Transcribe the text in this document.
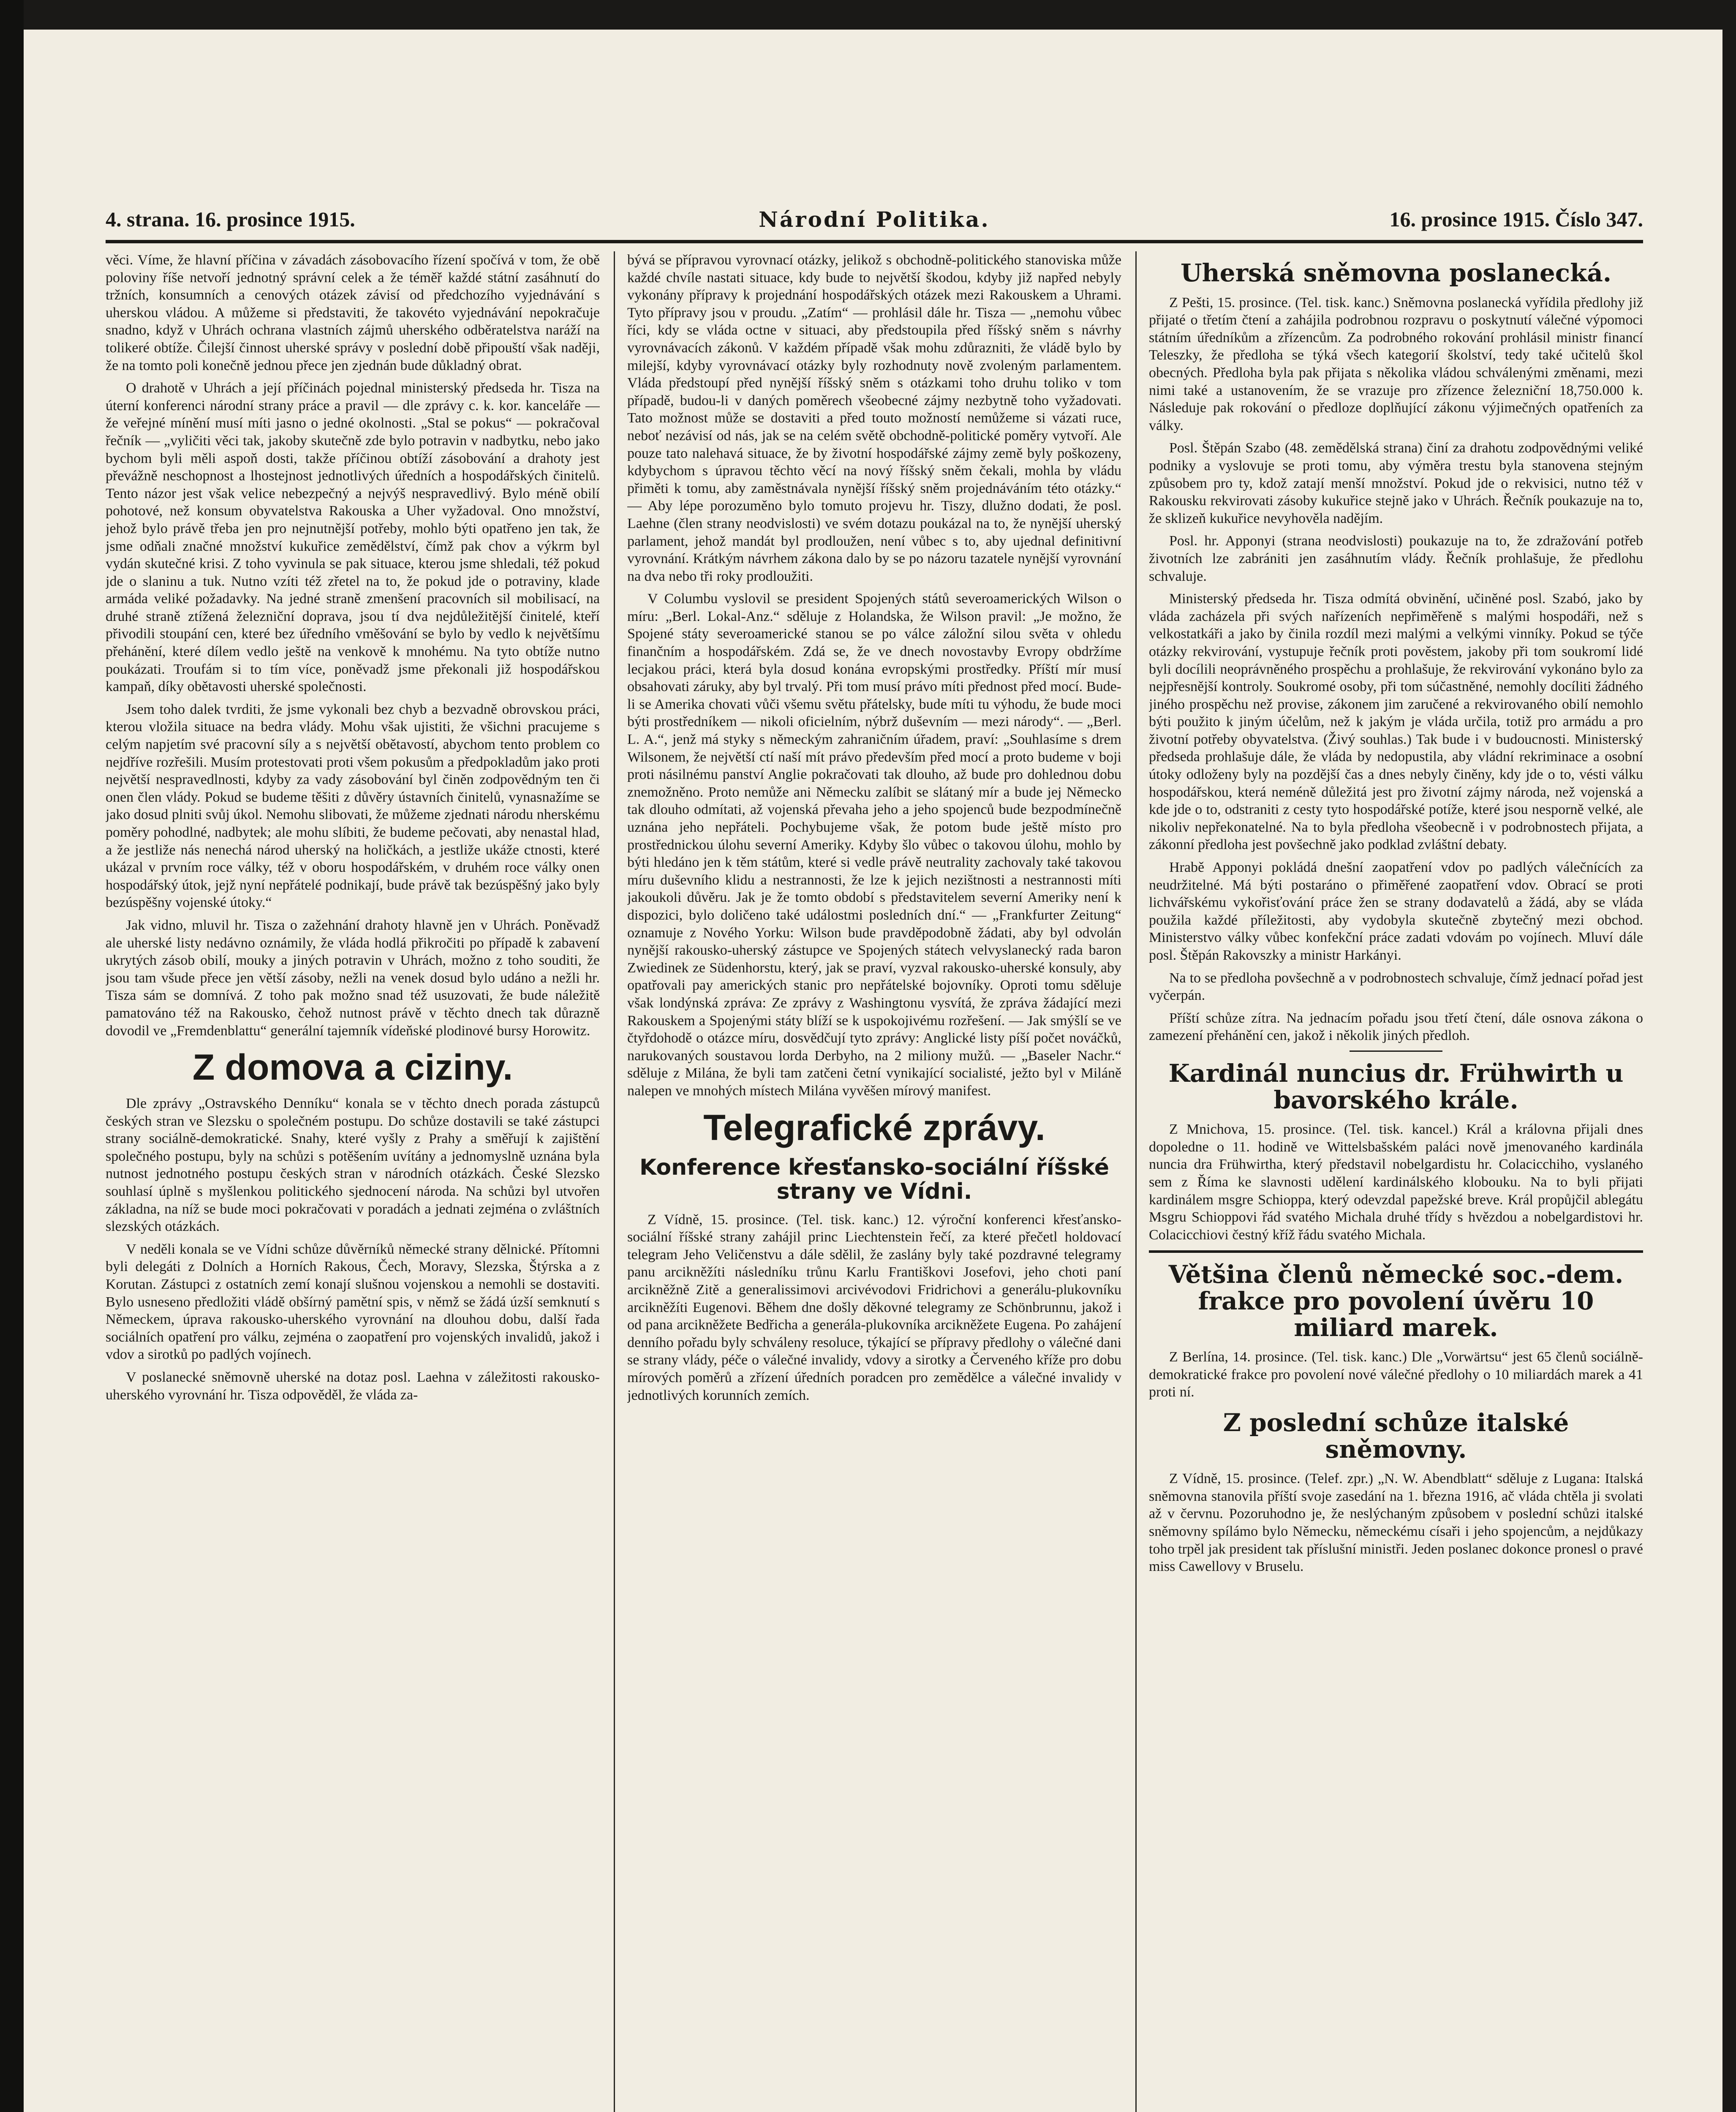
4. strana. 16. prosince 1915.	Národní Politika.	16. prosince 1915. Číslo 347.

věci. Víme, že hlavní příčina v závadách zásobovacího řízení spočívá v tom, že obě poloviny říše netvoří jednotný správní celek a že téměř každé státní zasáhnutí do tržních, konsumních a cenových otázek závisí od předchozího vyjednávání s uherskou vládou. A můžeme si představiti, že takovéto vyjednávání nepokračuje snadno, když v Uhrách ochrana vlastních zájmů uherského odběratelstva naráží na tolikeré obtíže. Čilejší činnost uherské správy v poslední době připouští však naději, že na tomto poli konečně jednou přece jen zjednán bude důkladný obrat.

O drahotě v Uhrách a její příčinách pojednal ministerský předseda hr. Tisza na úterní konferenci národní strany práce a pravil — dle zprávy c. k. kor. kanceláře — že veřejné mínění musí míti jasno o jedné okolnosti. „Stal se pokus“ — pokračoval řečník — „vyličiti věci tak, jakoby skutečně zde bylo potravin v nadbytku, nebo jako bychom byli měli aspoň dosti, takže příčinou obtíží zásobování a drahoty jest převážně neschopnost a lhostejnost jednotlivých úředních a hospodářských činitelů. Tento názor jest však velice nebezpečný a nejvýš nespravedlivý. Bylo méně obilí pohotové, než konsum obyvatelstva Rakouska a Uher vyžadoval. Ono množství, jehož bylo právě třeba jen pro nejnutnější potřeby, mohlo býti opatřeno jen tak, že jsme odňali značné množství kukuřice zemědělství, čímž pak chov a výkrm byl vydán skutečné krisi. Z toho vyvinula se pak situace, kterou jsme shledali, též pokud jde o slaninu a tuk. Nutno vzíti též zřetel na to, že pokud jde o potraviny, klade armáda veliké požadavky. Na jedné straně zmenšení pracovních sil mobilisací, na druhé straně ztížená železniční doprava, jsou tí dva nejdůležitější činitelé, kteří přivodili stoupání cen, které bez úředního vměšování se bylo by vedlo k největšímu přehánění, které dílem vedlo ještě na venkově k mnohému. Na tyto obtíže nutno poukázati. Troufám si to tím více, poněvadž jsme překonali již hospodářskou kampaň, díky obětavosti uherské společnosti.

Jsem toho dalek tvrditi, že jsme vykonali bez chyb a bezvadně obrovskou práci, kterou vložila situace na bedra vlády. Mohu však ujistiti, že všichni pracujeme s celým napjetím své pracovní síly a s největší obětavostí, abychom tento problem co nejdříve rozřešili. Musím protestovati proti všem pokusům a předpokladům jako proti největší nespravedlnosti, kdyby za vady zásobování byl činěn zodpovědným ten či onen člen vlády. Pokud se budeme těšiti z důvěry ústavních činitelů, vynasnažíme se jako dosud plniti svůj úkol. Nemohu slibovati, že můžeme zjednati národu nherskému poměry pohodlné, nadbytek; ale mohu slíbiti, že budeme pečovati, aby nenastal hlad, a že jestliže nás nenechá národ uherský na holičkách, a jestliže ukáže ctnosti, které ukázal v prvním roce války, též v oboru hospodářském, v druhém roce války onen hospodářský útok, jejž nyní nepřátelé podnikají, bude právě tak bezúspěšný jako byly bezúspěšny vojenské útoky.“

Jak vidno, mluvil hr. Tisza o zažehnání drahoty hlavně jen v Uhrách. Poněvadž ale uherské listy nedávno oznámily, že vláda hodlá přikročiti po případě k zabavení ukrytých zásob obilí, mouky a jiných potravin v Uhrách, možno z toho souditi, že jsou tam všude přece jen větší zásoby, nežli na venek dosud bylo udáno a nežli hr. Tisza sám se domnívá. Z toho pak možno snad též usuzovati, že bude náležitě pamatováno též na Rakousko, čehož nutnost právě v těchto dnech tak důrazně dovodil ve „Fremdenblattu“ generální tajemník vídeňské plodinové bursy Horowitz.

Z domova a ciziny.

Dle zprávy „Ostravského Denníku“ konala se v těchto dnech porada zástupců českých stran ve Slezsku o společném postupu. Do schůze dostavili se také zástupci strany sociálně-demokratické. Snahy, které vyšly z Prahy a směřují k zajištění společného postupu, byly na schůzi s potěšením uvítány a jednomyslně uznána byla nutnost jednotného postupu českých stran v národních otázkách. České Slezsko souhlasí úplně s myšlenkou politického sjednocení národa. Na schůzi byl utvořen základna, na níž se bude moci pokračovati v poradách a jednati zejména o zvláštních slezských otázkách.

V neděli konala se ve Vídni schůze důvěrníků německé strany dělnické. Přítomni byli delegáti z Dolních a Horních Rakous, Čech, Moravy, Slezska, Štýrska a z Korutan. Zástupci z ostatních zemí konají slušnou vojenskou a nemohli se dostaviti. Bylo usneseno předložiti vládě obšírný pamětní spis, v němž se žádá úzší semknutí s Německem, úprava rakousko-uherského vyrovnání na dlouhou dobu, další řada sociálních opatření pro válku, zejména o zaopatření pro vojenských invalidů, jakož i vdov a sirotků po padlých vojínech.

V poslanecké sněmovně uherské na dotaz posl. Laehna v záležitosti rakousko-uherského vyrovnání hr. Tisza odpověděl, že vláda za-

bývá se přípravou vyrovnací otázky, jelikož s obchodně-politického stanoviska může každé chvíle nastati situace, kdy bude to největší škodou, kdyby již napřed nebyly vykonány přípravy k projednání hospodářských otázek mezi Rakouskem a Uhrami. Tyto přípravy jsou v proudu. „Zatím“ — prohlásil dále hr. Tisza — „nemohu vůbec říci, kdy se vláda octne v situaci, aby předstoupila před říšský sněm s návrhy vyrovnávacích zákonů. V každém případě však mohu zdůrazniti, že vládě bylo by milejší, kdyby vyrovnávací otázky byly rozhodnuty nově zvoleným parlamentem. Vláda předstoupí před nynější říšský sněm s otázkami toho druhu toliko v tom případě, budou-li v daných poměrech všeobecné zájmy nezbytně toho vyžadovati. Tato možnost může se dostaviti a před touto možností nemůžeme si vázati ruce, neboť nezávisí od nás, jak se na celém světě obchodně-politické poměry vytvoří. Ale pouze tato nalehavá situace, že by životní hospodářské zájmy země byly poškozeny, kdybychom s úpravou těchto věcí na nový říšský sněm čekali, mohla by vládu přiměti k tomu, aby zaměstnávala nynější říšský sněm projednáváním této otázky.“ — Aby lépe porozuměno bylo tomuto projevu hr. Tiszy, dlužno dodati, že posl. Laehne (člen strany neodvislosti) ve svém dotazu poukázal na to, že nynější uherský parlament, jehož mandát byl prodloužen, není vůbec s to, aby ujednal definitivní vyrovnání. Krátkým návrhem zákona dalo by se po názoru tazatele nynější vyrovnání na dva nebo tři roky prodloužiti.

V Columbu vyslovil se president Spojených států severoamerických Wilson o míru: „Berl. Lokal-Anz.“ sděluje z Holandska, že Wilson pravil: „Je možno, že Spojené státy severoamerické stanou se po válce záložní silou světa v ohledu finančním a hospodářském. Zdá se, že ve dnech novostavby Evropy obdržíme lecjakou práci, která byla dosud konána evropskými prostředky. Příští mír musí obsahovati záruky, aby byl trvalý. Při tom musí právo míti přednost před mocí. Bude-li se Amerika chovati vůči všemu světu přátelsky, bude míti tu výhodu, že bude moci býti prostředníkem — nikoli oficielním, nýbrž duševním — mezi národy“. — „Berl. L. A.“, jenž má styky s německým zahraničním úřadem, praví: „Souhlasíme s drem Wilsonem, že největší ctí naší mít právo především před mocí a proto budeme v boji proti násilnému panství Anglie pokračovati tak dlouho, až bude pro dohlednou dobu znemožněno. Proto nemůže ani Německu zalíbit se slátaný mír a bude jej Německo tak dlouho odmítati, až vojenská převaha jeho a jeho spojenců bude bezpodmínečně uznána jeho nepřáteli. Pochybujeme však, že potom bude ještě místo pro prostřednickou úlohu severní Ameriky. Kdyby šlo vůbec o takovou úlohu, mohlo by býti hledáno jen k těm státům, které si vedle právě neutrality zachovaly také takovou míru duševního klidu a nestrannosti, že lze k jejich nezištnosti a nestrannosti míti jakoukoli důvěru. Jak je že tomto období s představitelem severní Ameriky není k dispozici, bylo doličeno také událostmi posledních dní.“ — „Frankfurter Zeitung“ oznamuje z Nového Yorku: Wilson bude pravděpodobně žádati, aby byl odvolán nynější rakousko-uherský zástupce ve Spojených státech velvyslanecký rada baron Zwiedinek ze Südenhorstu, který, jak se praví, vyzval rakousko-uherské konsuly, aby opatřovali pay amerických stanic pro nepřátelské bojovníky. Oproti tomu sděluje však londýnská zpráva: Ze zprávy z Washingtonu vysvítá, že zpráva žádající mezi Rakouskem a Spojenými státy blíží se k uspokojivému rozřešení. — Jak smýšlí se ve čtyřdohodě o otázce míru, dosvědčují tyto zprávy: Anglické listy píší počet nováčků, narukovaných soustavou lorda Derbyho, na 2 miliony mužů. — „Baseler Nachr.“ sděluje z Milána, že byli tam zatčeni četní vynikající socialisté, ježto byl v Miláně nalepen ve mnohých místech Milána vyvěšen mírový manifest.

Telegrafické zprávy.
Konference křesťansko-sociální říšské strany ve Vídni.

Z Vídně, 15. prosince. (Tel. tisk. kanc.) 12. výroční konferenci křesťansko-sociální říšské strany zahájil princ Liechtenstein řečí, za které přečetl holdovací telegram Jeho Veličenstvu a dále sdělil, že zaslány byly také pozdravné telegramy panu arcikněžíti následníku trůnu Karlu Františkovi Josefovi, jeho choti paní arcikněžně Zitě a generalissimovi arcivévodovi Fridrichovi a generálu-plukovníku arcikněžíti Eugenovi. Během dne došly děkovné telegramy ze Schönbrunnu, jakož i od pana arcikněžete Bedřicha a generála-plukovníka arcikněžete Eugena. Po zahájení denního pořadu byly schváleny resoluce, týkající se přípravy předlohy o válečné dani se strany vlády, péče o válečné invalidy, vdovy a sirotky a Červeného kříže pro dobu mírových poměrů a zřízení úředních poradcen pro zemědělce a válečné invalidy v jednotlivých korunních zemích.

Uherská sněmovna poslanecká.

Z Pešti, 15. prosince. (Tel. tisk. kanc.) Sněmovna poslanecká vyřídila předlohy již přijaté o třetím čtení a zahájila podrobnou rozpravu o poskytnutí válečné výpomoci státním úředníkům a zřízencům. Za podrobného rokování prohlásil ministr financí Teleszky, že předloha se týká všech kategorií školství, tedy také učitelů škol obecných. Předloha byla pak přijata s několika vládou schválenými změnami, mezi nimi také a ustanovením, že se vrazuje pro zřízence železniční 18,750.000 k. Následuje pak rokování o předloze doplňující zákonu výjimečných opatřeních za války.

Posl. Štěpán Szabo (48. zemědělská strana) činí za drahotu zodpovědnými veliké podniky a vyslovuje se proti tomu, aby výměra trestu byla stanovena stejným způsobem pro ty, kdož zatají menší množství. Pokud jde o rekvisici, nutno též v Rakousku rekvirovati zásoby kukuřice stejně jako v Uhrách. Řečník poukazuje na to, že sklizeň kukuřice nevyhověla nadějím.

Posl. hr. Apponyi (strana neodvislosti) poukazuje na to, že zdražování potřeb životních lze zabrániti jen zasáhnutím vlády. Řečník prohlašuje, že předlohu schvaluje.

Ministerský předseda hr. Tisza odmítá obvinění, učiněné posl. Szabó, jako by vláda zacházela při svých nařízeních nepřiměřeně s malými hospodáři, než s velkostatkáři a jako by činila rozdíl mezi malými a velkými vinníky. Pokud se týče otázky rekvirování, vystupuje řečník proti pověstem, jakoby při tom soukromí lidé byli docílili neoprávněného prospěchu a prohlašuje, že rekvirování vykonáno bylo za nejpřesnější kontroly. Soukromé osoby, při tom súčastněné, nemohly docíliti žádného jiného prospěchu než provise, zákonem jim zaručené a rekvirovaného obilí nemohlo býti použito k jiným účelům, než k jakým je vláda určila, totiž pro armádu a pro životní potřeby obyvatelstva. (Živý souhlas.) Tak bude i v budoucnosti. Ministerský předseda prohlašuje dále, že vláda by nedopustila, aby vládní rekriminace a osobní útoky odloženy byly na pozdější čas a dnes nebyly činěny, kdy jde o to, vésti válku hospodářskou, která neméně důležitá jest pro životní zájmy národa, než vojenská a kde jde o to, odstraniti z cesty tyto hospodářské potíže, které jsou nesporně velké, ale nikoliv nepřekonatelné. Na to byla předloha všeobecně i v podrobnostech přijata, a zákonní předloha jest povšechně jako podklad zvláštní debaty.

Hrabě Apponyi pokládá dnešní zaopatření vdov po padlých válečnících za neudržitelné. Má býti postaráno o přiměřené zaopatření vdov. Obrací se proti lichvářskému vykořisťování práce žen se strany dodavatelů a žádá, aby se vláda použila každé příležitosti, aby vydobyla skutečně zbytečný mezi obchod. Ministerstvo války vůbec konfekční práce zadati vdovám po vojínech. Mluví dále posl. Štěpán Rakovszky a ministr Harkányi.

Na to se předloha povšechně a v podrobnostech schvaluje, čímž jednací pořad jest vyčerpán.

Příští schůze zítra. Na jednacím pořadu jsou třetí čtení, dále osnova zákona o zamezení přehánění cen, jakož i několik jiných předloh.

Kardinál nuncius dr. Frühwirth u bavorského krále.

Z Mnichova, 15. prosince. (Tel. tisk. kancel.) Král a královna přijali dnes dopoledne o 11. hodině ve Wittelsbašském paláci nově jmenovaného kardinála nuncia dra Frühwirtha, který představil nobelgardistu hr. Colacicchiho, vyslaného sem z Říma ke slavnosti udělení kardinálského klobouku. Na to byli přijati kardinálem msgre Schioppa, který odevzdal papežské breve. Král propůjčil ablegátu Msgru Schioppovi řád svatého Michala druhé třídy s hvězdou a nobelgardistovi hr. Colacicchiovi čestný kříž řádu svatého Michala.

Většina členů německé soc.-dem. frakce pro povolení úvěru 10 miliard marek.

Z Berlína, 14. prosince. (Tel. tisk. kanc.) Dle „Vorwärtsu“ jest 65 členů sociálně-demokratické frakce pro povolení nové válečné předlohy o 10 miliardách marek a 41 proti ní.

Z poslední schůze italské sněmovny.

Z Vídně, 15. prosince. (Telef. zpr.) „N. W. Abendblatt“ sděluje z Lugana: Italská sněmovna stanovila příští svoje zasedání na 1. března 1916, ač vláda chtěla ji svolati až v červnu. Pozoruhodno je, že neslýchaným způsobem v poslední schůzi italské sněmovny spílámo bylo Německu, německému císaři i jeho spojencům, a nejdůkazy toho trpěl jak president tak příslušní ministři. Jeden poslanec dokonce pronesl o pravé miss Cawellovy v Bruselu.
